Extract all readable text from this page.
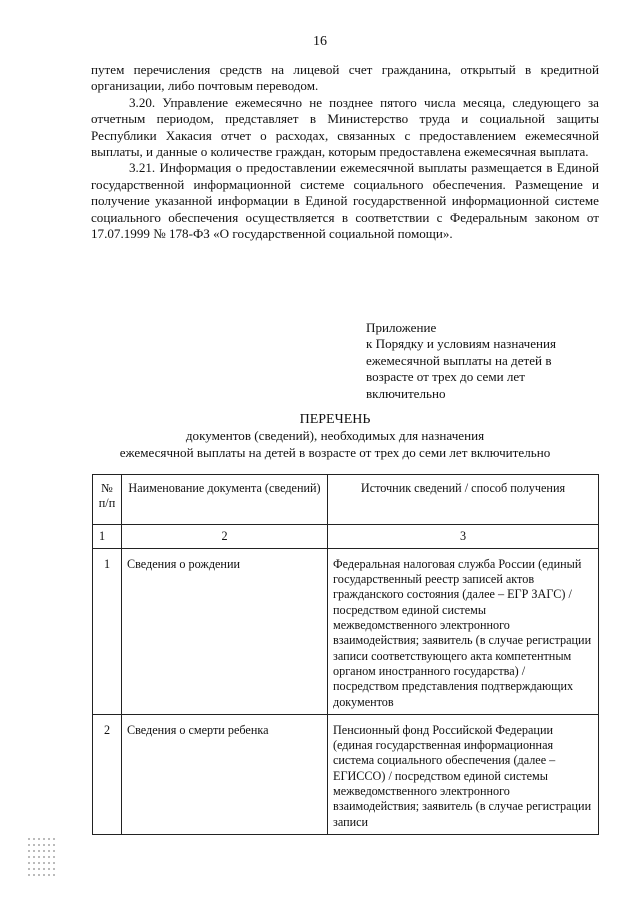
16

путем перечисления средств на лицевой счет гражданина, открытый в кредитной организации, либо почтовым переводом.

3.20. Управление ежемесячно не позднее пятого числа месяца, следующего за отчетным периодом, представляет в Министерство труда и социальной защиты Республики Хакасия отчет о расходах, связанных с предоставлением ежемесячной выплаты, и данные о количестве граждан, которым предоставлена ежемесячная выплата.

3.21. Информация о предоставлении ежемесячной выплаты размещается в Единой государственной информационной системе социального обеспечения. Размещение и получение указанной информации в Единой государственной информационной системе социального обеспечения осуществляется в соответствии с Федеральным законом от 17.07.1999 № 178-ФЗ «О государственной социальной помощи».

Приложение
к Порядку и условиям назначения
ежемесячной выплаты на детей в
возрасте от трех до семи лет
включительно
ПЕРЕЧЕНЬ
документов (сведений), необходимых для назначения
ежемесячной выплаты на детей в возрасте от трех до семи лет включительно
№ п/п	Наименование документа (сведений)	Источник сведений / способ получения
1	2	3
1	Сведения о рождении	Федеральная налоговая служба России (единый государственный реестр записей актов гражданского состояния (далее – ЕГР ЗАГС) / посредством единой системы межведомственного электронного взаимодействия; заявитель (в случае регистрации записи соответствующего акта компетентным органом иностранного государства) / посредством представления подтверждающих документов
2	Сведения о смерти ребенка	Пенсионный фонд Российской Федерации (единая государственная информационная система социального обеспечения (далее – ЕГИССО) / посредством единой системы межведомственного электронного взаимодействия; заявитель (в случае регистрации записи
